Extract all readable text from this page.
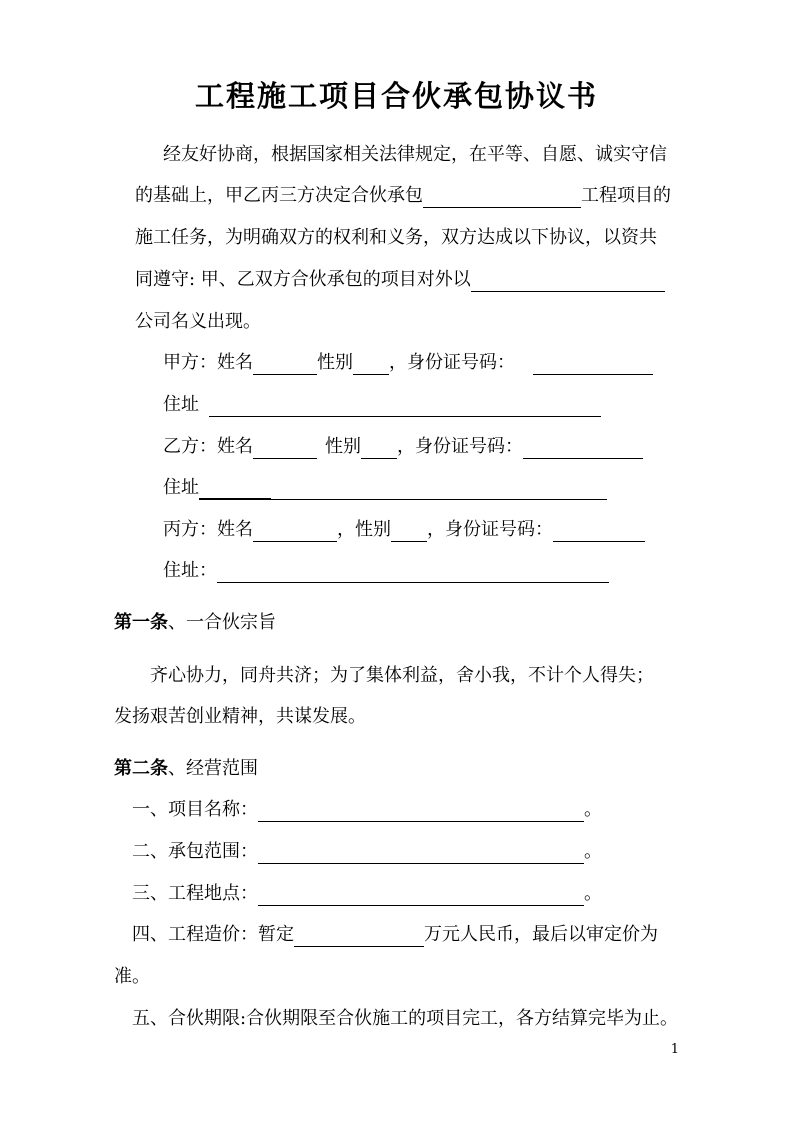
工程施工项目合伙承包协议书
经友好协商，根据国家相关法律规定，在平等、自愿、诚实守信
的基础上，甲乙丙三方决定合伙承包	工程项目的
施工任务，为明确双方的权利和义务，双方达成以下协议，以资共
同遵守: 甲、乙双方合伙承包的项目对外以
公司名义出现。
甲方：姓名	性别 ，身份证号码：
住址
乙方：姓名	性别 ，身份证号码：
住址
丙方：姓名	，性别 ，身份证号码：
住址：
第一条、一合伙宗旨
齐心协力，同舟共济；为了集体利益，舍小我，不计个人得失；
发扬艰苦创业精神，共谋发展。
第二条、经营范围
一、项目名称：	。
二、承包范围：	。
三、工程地点：	。
四、工程造价：暂定	万元人民币，最后以审定价为
准。
五、合伙期限:合伙期限至合伙施工的项目完工，各方结算完毕为止。
1
